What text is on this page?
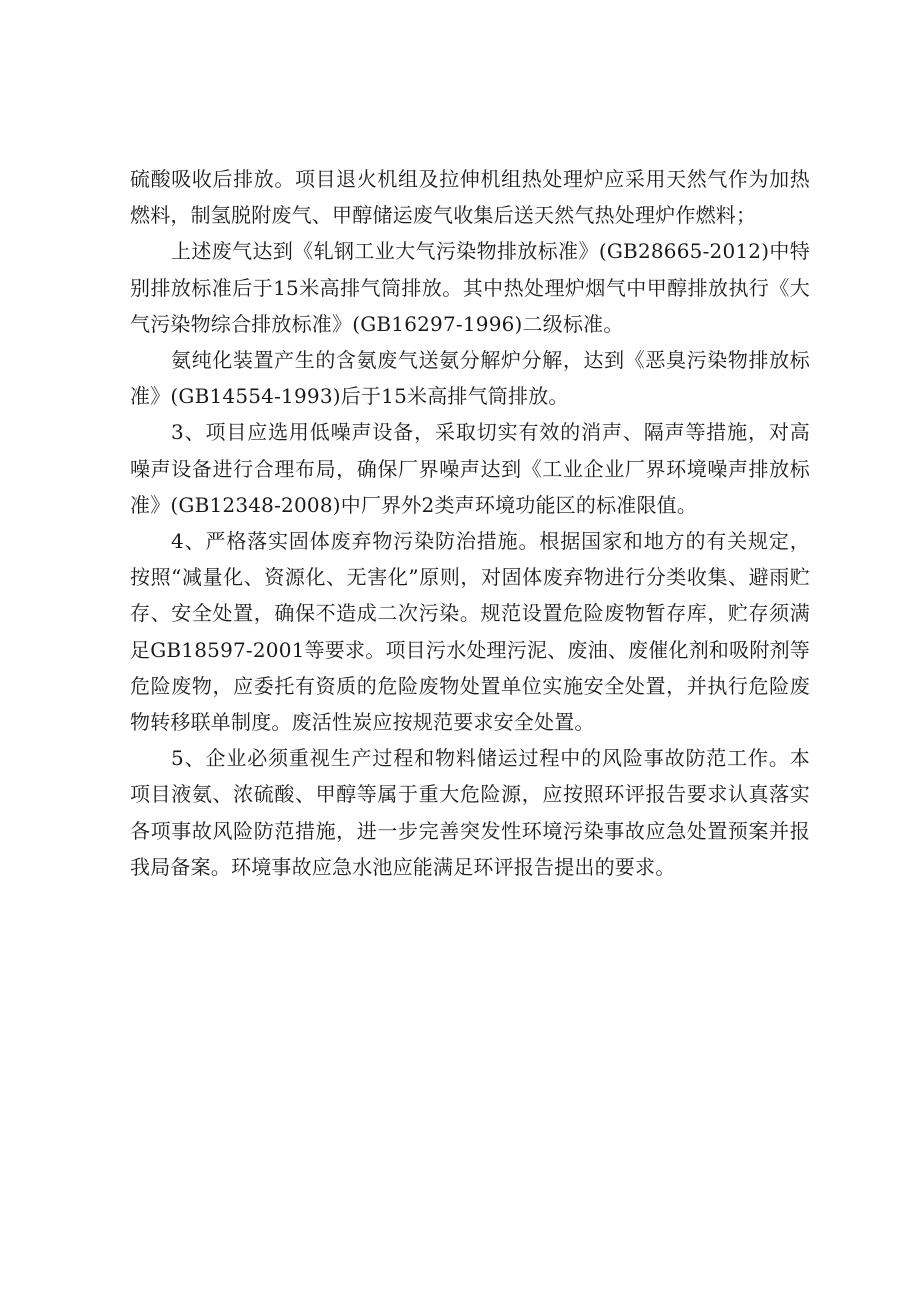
硫酸吸收后排放。项目退火机组及拉伸机组热处理炉应采用天然气作为加热燃料，制氢脱附废气、甲醇储运废气收集后送天然气热处理炉作燃料；

上述废气达到《轧钢工业大气污染物排放标准》(GB28665-2012)中特别排放标准后于15米高排气筒排放。其中热处理炉烟气中甲醇排放执行《大气污染物综合排放标准》(GB16297-1996)二级标准。

氨纯化装置产生的含氨废气送氨分解炉分解，达到《恶臭污染物排放标准》(GB14554-1993)后于15米高排气筒排放。

3、项目应选用低噪声设备，采取切实有效的消声、隔声等措施，对高噪声设备进行合理布局，确保厂界噪声达到《工业企业厂界环境噪声排放标准》(GB12348-2008)中厂界外2类声环境功能区的标准限值。

4、严格落实固体废弃物污染防治措施。根据国家和地方的有关规定，按照“减量化、资源化、无害化”原则，对固体废弃物进行分类收集、避雨贮存、安全处置，确保不造成二次污染。规范设置危险废物暂存库，贮存须满足GB18597-2001等要求。项目污水处理污泥、废油、废催化剂和吸附剂等危险废物，应委托有资质的危险废物处置单位实施安全处置，并执行危险废物转移联单制度。废活性炭应按规范要求安全处置。

5、企业必须重视生产过程和物料储运过程中的风险事故防范工作。本项目液氨、浓硫酸、甲醇等属于重大危险源，应按照环评报告要求认真落实各项事故风险防范措施，进一步完善突发性环境污染事故应急处置预案并报我局备案。环境事故应急水池应能满足环评报告提出的要求。
